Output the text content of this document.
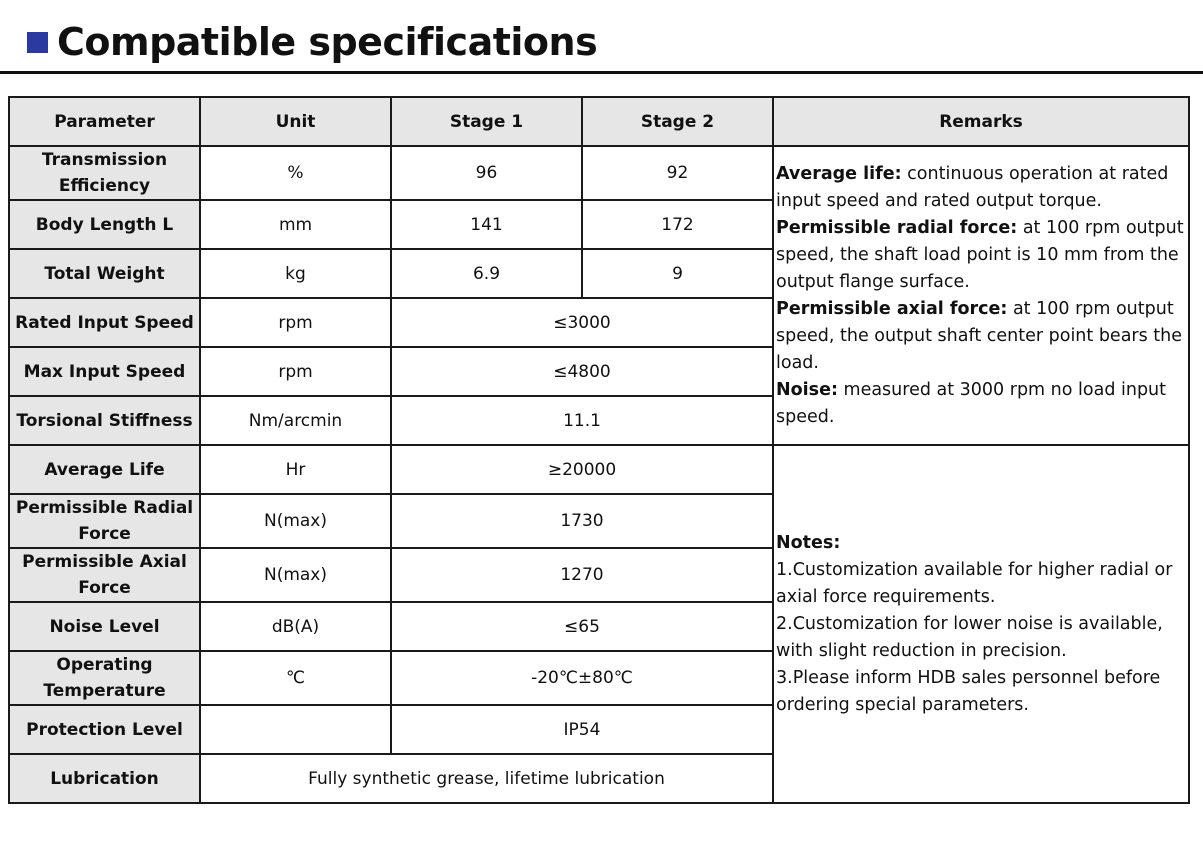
Compatible specifications
Parameter	Unit	Stage 1	Stage 2	Remarks
Transmission Efficiency	%	96	92	Average life: continuous operation at rated input speed and rated output torque.
Permissible radial force: at 100 rpm output speed, the shaft load point is 10 mm from the output flange surface.
Permissible axial force: at 100 rpm output speed, the output shaft center point bears the load.
Noise: measured at 3000 rpm no load input speed.
Body Length L	mm	141	172	
Total Weight	kg	6.9	9	
Rated Input Speed	rpm	≤3000		
Max Input Speed	rpm	≤4800		
Torsional Stiffness	Nm/arcmin	11.1		
Average Life	Hr	≥20000		Notes:
1.Customization available for higher radial or axial force requirements.
2.Customization for lower noise is available, with slight reduction in precision.
3.Please inform HDB sales personnel before ordering special parameters.
Permissible Radial Force	N(max)	1730		
Permissible Axial Force	N(max)	1270		
Noise Level	dB(A)	≤65		
Operating Temperature	℃	-20℃±80℃		
Protection Level		IP54		
Lubrication	Fully synthetic grease, lifetime lubrication			
